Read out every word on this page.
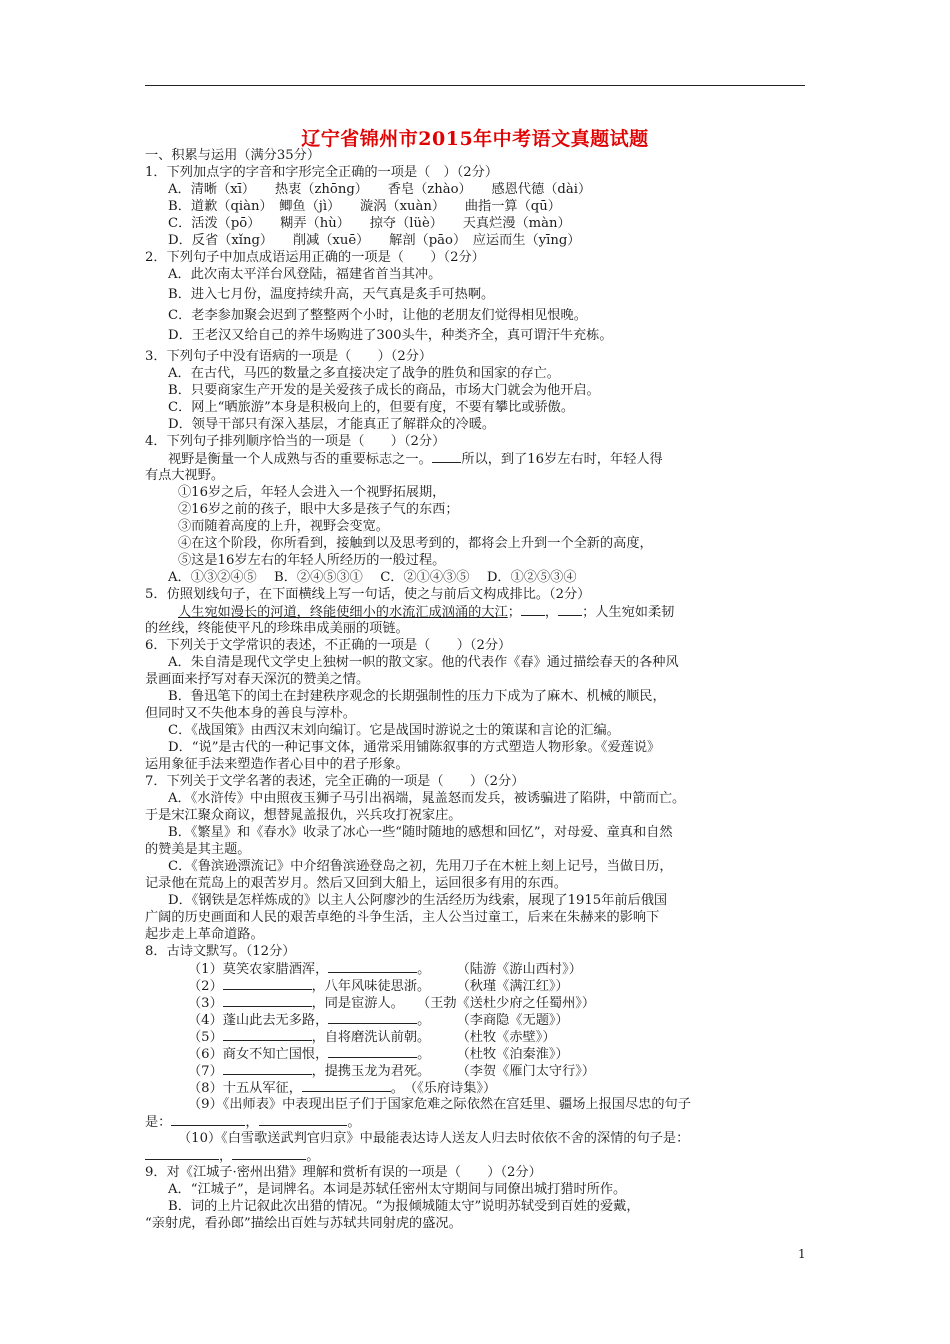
辽宁省锦州市2015年中考语文真题试题
一、积累与运用（满分35分）
1．下列加点字的字音和字形完全正确的一项是（　）（2分）
A．清晰（xī）　　热衷（zhōng）　　香皂（zhào）　　感恩代德（dài）
B．道歉（qiàn）　鲫鱼（jì）　　漩涡（xuàn）　　曲指一算（qū）
C．活泼（pō）　　糊弄（hù）　　掠夺（lüè）　　天真烂漫（màn）
D．反省（xǐng）　　削减（xuē）　　解剖（pāo）　应运而生（yīng）
2．下列句子中加点成语运用正确的一项是（　　）（2分）
A．此次南太平洋台风登陆，福建省首当其冲。
B．进入七月份，温度持续升高，天气真是炙手可热啊。
C．老李参加聚会迟到了整整两个小时，让他的老朋友们觉得相见恨晚。
D．王老汉又给自己的养牛场购进了300头牛，种类齐全，真可谓汗牛充栋。
3．下列句子中没有语病的一项是（　　）（2分）
A．在古代，马匹的数量之多直接决定了战争的胜负和国家的存亡。
B．只要商家生产开发的是关爱孩子成长的商品，市场大门就会为他开启。
C．网上“晒旅游”本身是积极向上的，但要有度，不要有攀比或骄傲。
D．领导干部只有深入基层，才能真正了解群众的冷暖。
4．下列句子排列顺序恰当的一项是（　　）（2分）
视野是衡量一个人成熟与否的重要标志之一。 所以，到了16岁左右时，年轻人得
有点大视野。
①16岁之后，年轻人会进入一个视野拓展期，
②16岁之前的孩子，眼中大多是孩子气的东西；
③而随着高度的上升，视野会变宽。
④在这个阶段，你所看到，接触到以及思考到的，都将会上升到一个全新的高度，
⑤这是16岁左右的年轻人所经历的一般过程。
A．①③②④⑤　 B．②④⑤③①　 C．②①④③⑤　 D．①②⑤③④
5．仿照划线句子，在下面横线上写一句话，使之与前后文构成排比。（2分）
人生宛如漫长的河道，终能使细小的水流汇成汹涌的大江； ， ；人生宛如柔韧
的丝线，终能使平凡的珍珠串成美丽的项链。
6．下列关于文学常识的表述，不正确的一项是（　　）（2分）
A．朱自清是现代文学史上独树一帜的散文家。他的代表作《春》通过描绘春天的各种风
景画面来抒写对春天深沉的赞美之情。
B．鲁迅笔下的闰土在封建秩序观念的长期强制性的压力下成为了麻木、机械的顺民，
但同时又不失他本身的善良与淳朴。
C．《战国策》由西汉末刘向编订。它是战国时游说之士的策谋和言论的汇编。
D．“说”是古代的一种记事文体，通常采用铺陈叙事的方式塑造人物形象。《爱莲说》
运用象征手法来塑造作者心目中的君子形象。
7．下列关于文学名著的表述，完全正确的一项是（　　）（2分）
A．《水浒传》中由照夜玉狮子马引出祸端，晁盖怒而发兵，被诱骗进了陷阱，中箭而亡。
于是宋江聚众商议，想替晁盖报仇，兴兵攻打祝家庄。
B．《繁星》和《春水》收录了冰心一些“随时随地的感想和回忆”，对母爱、童真和自然
的赞美是其主题。
C．《鲁滨逊漂流记》中介绍鲁滨逊登岛之初，先用刀子在木桩上刻上记号，当做日历，
记录他在荒岛上的艰苦岁月。然后又回到大船上，运回很多有用的东西。
D．《钢铁是怎样炼成的》以主人公阿廖沙的生活经历为线索，展现了1915年前后俄国
广阔的历史画面和人民的艰苦卓绝的斗争生活，主人公当过童工，后来在朱赫来的影响下
起步走上革命道路。
8．古诗文默写。（12分）
（1）莫笑农家腊酒浑，	。　　　（陆游《游山西村》）
（2）	，八年风味徒思浙。　　　（秋瑾《满江红》）
（3）	，同是宦游人。　　（王勃《送杜少府之任蜀州》）
（4）蓬山此去无多路，	。　　　（李商隐《无题》）
（5）	，自将磨洗认前朝。　　　（杜牧《赤壁》）
（6）商女不知亡国恨，	。　　　（杜牧《泊秦淮》）
（7）	，提携玉龙为君死。　　　（李贺《雁门太守行》）
（8）十五从军征，	。　（《乐府诗集》）
（9）《出师表》中表现出臣子们于国家危难之际依然在宫廷里、疆场上报国尽忠的句子
是：	，	。
（10）《白雪歌送武判官归京》中最能表达诗人送友人归去时依依不舍的深情的句子是：
，	。
9．对《江城子·密州出猎》理解和赏析有误的一项是（　　）（2分）
A．“江城子”，是词牌名。本词是苏轼任密州太守期间与同僚出城打猎时所作。
B．词的上片记叙此次出猎的情况。“为报倾城随太守”说明苏轼受到百姓的爱戴，
“亲射虎，看孙郎”描绘出百姓与苏轼共同射虎的盛况。
1
